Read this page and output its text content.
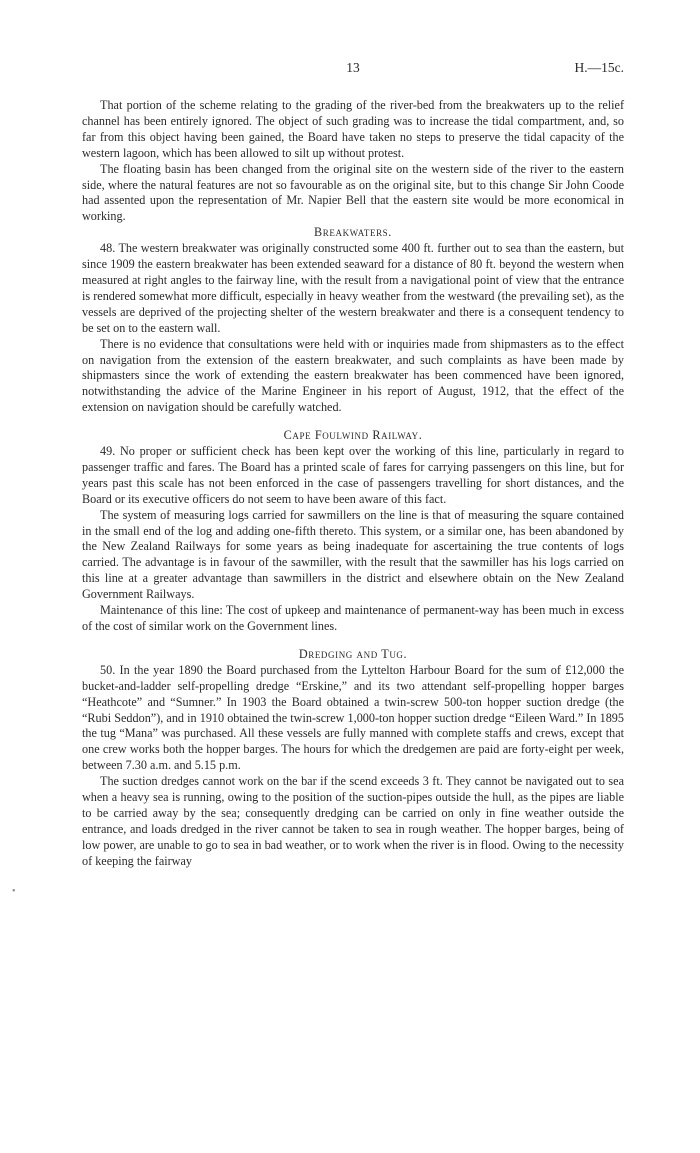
13	H.—15c.

That portion of the scheme relating to the grading of the river-bed from the breakwaters up to the relief channel has been entirely ignored. The object of such grading was to increase the tidal compartment, and, so far from this object having been gained, the Board have taken no steps to preserve the tidal capacity of the western lagoon, which has been allowed to silt up without protest.

The floating basin has been changed from the original site on the western side of the river to the eastern side, where the natural features are not so favourable as on the original site, but to this change Sir John Coode had assented upon the representation of Mr. Napier Bell that the eastern site would be more economical in working.

Breakwaters.

48. The western breakwater was originally constructed some 400 ft. further out to sea than the eastern, but since 1909 the eastern breakwater has been extended seaward for a distance of 80 ft. beyond the western when measured at right angles to the fairway line, with the result from a navigational point of view that the entrance is rendered somewhat more difficult, especially in heavy weather from the westward (the prevailing set), as the vessels are deprived of the projecting shelter of the western breakwater and there is a consequent tendency to be set on to the eastern wall.

There is no evidence that consultations were held with or inquiries made from shipmasters as to the effect on navigation from the extension of the eastern breakwater, and such complaints as have been made by shipmasters since the work of extending the eastern breakwater has been commenced have been ignored, notwithstanding the advice of the Marine Engineer in his report of August, 1912, that the effect of the extension on navigation should be carefully watched.

Cape Foulwind Railway.

49. No proper or sufficient check has been kept over the working of this line, particularly in regard to passenger traffic and fares. The Board has a printed scale of fares for carrying passengers on this line, but for years past this scale has not been enforced in the case of passengers travelling for short distances, and the Board or its executive officers do not seem to have been aware of this fact.

The system of measuring logs carried for sawmillers on the line is that of measuring the square contained in the small end of the log and adding one-fifth thereto. This system, or a similar one, has been abandoned by the New Zealand Railways for some years as being inadequate for ascertaining the true contents of logs carried. The advantage is in favour of the sawmiller, with the result that the sawmiller has his logs carried on this line at a greater advantage than sawmillers in the district and elsewhere obtain on the New Zealand Government Railways.

Maintenance of this line: The cost of upkeep and maintenance of permanent-way has been much in excess of the cost of similar work on the Government lines.

Dredging and Tug.

50. In the year 1890 the Board purchased from the Lyttelton Harbour Board for the sum of £12,000 the bucket-and-ladder self-propelling dredge “Erskine,” and its two attendant self-propelling hopper barges “Heathcote” and “Sumner.” In 1903 the Board obtained a twin-screw 500-ton hopper suction dredge (the “Rubi Seddon”), and in 1910 obtained the twin-screw 1,000-ton hopper suction dredge “Eileen Ward.” In 1895 the tug “Mana” was purchased. All these vessels are fully manned with complete staffs and crews, except that one crew works both the hopper barges. The hours for which the dredgemen are paid are forty-eight per week, between 7.30 a.m. and 5.15 p.m.

The suction dredges cannot work on the bar if the scend exceeds 3 ft. They cannot be navigated out to sea when a heavy sea is running, owing to the position of the suction-pipes outside the hull, as the pipes are liable to be carried away by the sea; consequently dredging can be carried on only in fine weather outside the entrance, and loads dredged in the river cannot be taken to sea in rough weather. The hopper barges, being of low power, are unable to go to sea in bad weather, or to work when the river is in flood. Owing to the necessity of keeping the fairway

•
